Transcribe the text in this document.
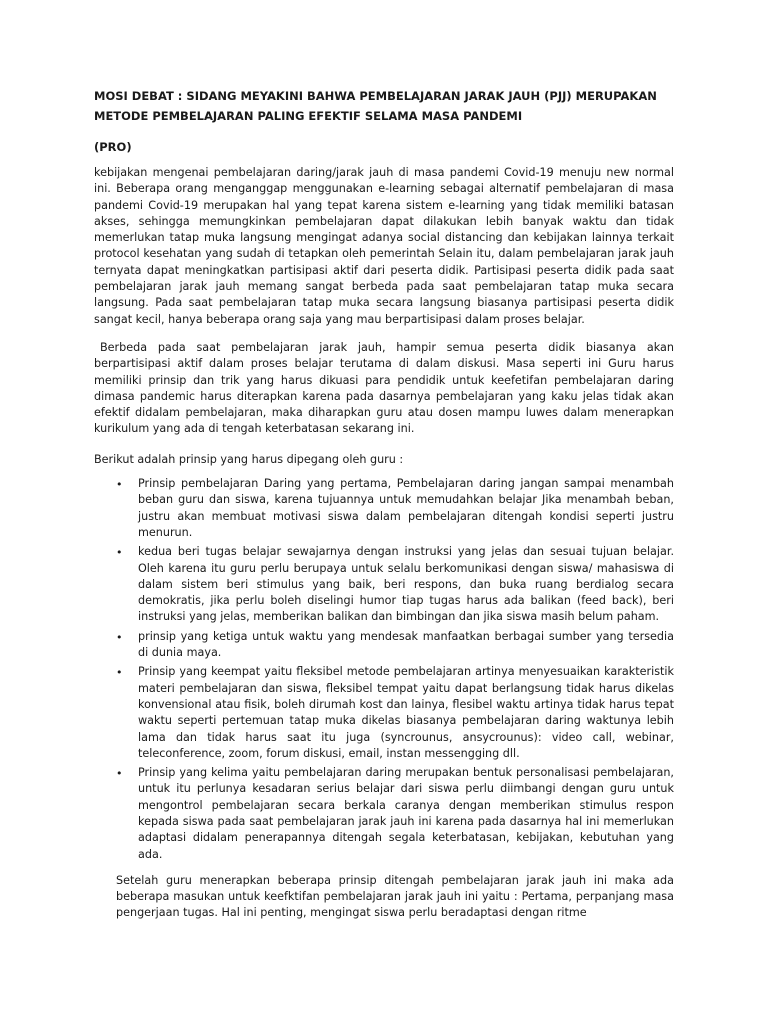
MOSI DEBAT : SIDANG MEYAKINI BAHWA PEMBELAJARAN JARAK JAUH (PJJ) MERUPAKAN METODE PEMBELAJARAN PALING EFEKTIF SELAMA MASA PANDEMI

(PRO)

kebijakan mengenai pembelajaran daring/jarak jauh di masa pandemi Covid-19 menuju new normal ini. Beberapa orang menganggap menggunakan e-learning sebagai alternatif pembelajaran di masa pandemi Covid-19 merupakan hal yang tepat karena sistem e-learning yang tidak memiliki batasan akses, sehingga memungkinkan pembelajaran dapat dilakukan lebih banyak waktu dan tidak memerlukan tatap muka langsung mengingat adanya social distancing dan kebijakan lainnya terkait protocol kesehatan yang sudah di tetapkan oleh pemerintah Selain itu, dalam pembelajaran jarak jauh ternyata dapat meningkatkan partisipasi aktif dari peserta didik. Partisipasi peserta didik pada saat pembelajaran jarak jauh memang sangat berbeda pada saat pembelajaran tatap muka secara langsung. Pada saat pembelajaran tatap muka secara langsung biasanya partisipasi peserta didik sangat kecil, hanya beberapa orang saja yang mau berpartisipasi dalam proses belajar.

Berbeda pada saat pembelajaran jarak jauh, hampir semua peserta didik biasanya akan berpartisipasi aktif dalam proses belajar terutama di dalam diskusi. Masa seperti ini Guru harus memiliki prinsip dan trik yang harus dikuasi para pendidik untuk keefetifan pembelajaran daring dimasa pandemic harus diterapkan karena pada dasarnya pembelajaran yang kaku jelas tidak akan efektif didalam pembelajaran, maka diharapkan guru atau dosen mampu luwes dalam menerapkan kurikulum yang ada di tengah keterbatasan sekarang ini.

Berikut adalah prinsip yang harus dipegang oleh guru :

• Prinsip pembelajaran Daring yang pertama, Pembelajaran daring jangan sampai menambah beban guru dan siswa, karena tujuannya untuk memudahkan belajar Jika menambah beban, justru akan membuat motivasi siswa dalam pembelajaran ditengah kondisi seperti justru menurun.
• kedua beri tugas belajar sewajarnya dengan instruksi yang jelas dan sesuai tujuan belajar. Oleh karena itu guru perlu berupaya untuk selalu berkomunikasi dengan siswa/ mahasiswa di dalam sistem beri stimulus yang baik, beri respons, dan buka ruang berdialog secara demokratis, jika perlu boleh diselingi humor tiap tugas harus ada balikan (feed back), beri instruksi yang jelas, memberikan balikan dan bimbingan dan jika siswa masih belum paham.
• prinsip yang ketiga untuk waktu yang mendesak manfaatkan berbagai sumber yang tersedia di dunia maya.
• Prinsip yang keempat yaitu fleksibel metode pembelajaran artinya menyesuaikan karakteristik materi pembelajaran dan siswa, fleksibel tempat yaitu dapat berlangsung tidak harus dikelas konvensional atau fisik, boleh dirumah kost dan lainya, flesibel waktu artinya tidak harus tepat waktu seperti pertemuan tatap muka dikelas biasanya pembelajaran daring waktunya lebih lama dan tidak harus saat itu juga (syncrounus, ansycrounus): video call, webinar, teleconference, zoom, forum diskusi, email, instan messengging dll.
• Prinsip yang kelima yaitu pembelajaran daring merupakan bentuk personalisasi pembelajaran, untuk itu perlunya kesadaran serius belajar dari siswa perlu diimbangi dengan guru untuk mengontrol pembelajaran secara berkala caranya dengan memberikan stimulus respon kepada siswa pada saat pembelajaran jarak jauh ini karena pada dasarnya hal ini memerlukan adaptasi didalam penerapannya ditengah segala keterbatasan, kebijakan, kebutuhan yang ada.

Setelah guru menerapkan beberapa prinsip ditengah pembelajaran jarak jauh ini maka ada beberapa masukan untuk keefktifan pembelajaran jarak jauh ini yaitu : Pertama, perpanjang masa pengerjaan tugas. Hal ini penting, mengingat siswa perlu beradaptasi dengan ritme
